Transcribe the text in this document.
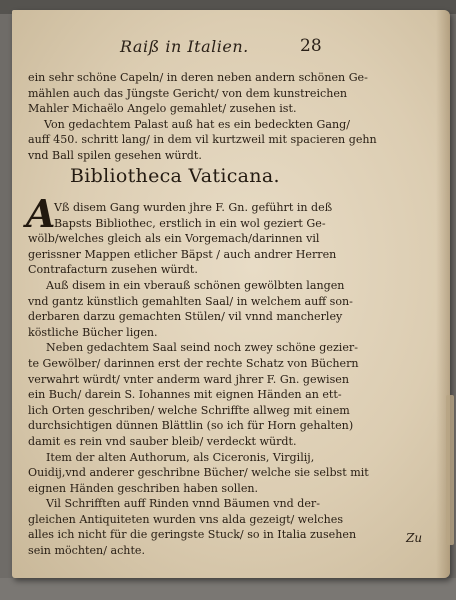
Raiß in Italien.	28
ein sehr schöne Capeln/ in deren neben andern schönen Ge-
mählen auch das Jüngste Gericht/ von dem kunstreichen
Mahler Michaëlo Angelo gemahlet/ zusehen ist.
Von gedachtem Palast auß hat es ein bedeckten Gang/
auff 450. schritt lang/ in dem vil kurtzweil mit spacieren gehn
vnd Ball spilen gesehen würdt.
Bibliotheca Vaticana.
A
Vß disem Gang wurden jhre F. Gn. geführt in deß
Bapsts Bibliothec, erstlich in ein wol geziert Ge-
wölb/welches gleich als ein Vorgemach/darinnen vil
gerissner Mappen etlicher Bäpst / auch andrer Herren
Contrafacturn zusehen würdt.
Auß disem in ein vberauß schönen gewölbten langen
vnd gantz künstlich gemahlten Saal/ in welchem auff son-
derbaren darzu gemachten Stülen/ vil vnnd mancherley
köstliche Bücher ligen.
Neben gedachtem Saal seind noch zwey schöne gezier-
te Gewölber/ darinnen erst der rechte Schatz von Büchern
verwahrt würdt/ vnter anderm ward jhrer F. Gn. gewisen
ein Buch/ darein S. Iohannes mit eignen Händen an ett-
lich Orten geschriben/ welche Schriffte allweg mit einem
durchsichtigen dünnen Blättlin (so ich für Horn gehalten)
damit es rein vnd sauber bleib/ verdeckt würdt.
Item der alten Authorum, als Ciceronis, Virgilij,
Ouidij,vnd anderer geschribne Bücher/ welche sie selbst mit
eignen Händen geschriben haben sollen.
Vil Schrifften auff Rinden vnnd Bäumen vnd der-
gleichen Antiquiteten wurden vns alda gezeigt/ welches
alles ich nicht für die geringste Stuck/ so in Italia zusehen
sein möchten/ achte.
Zu
